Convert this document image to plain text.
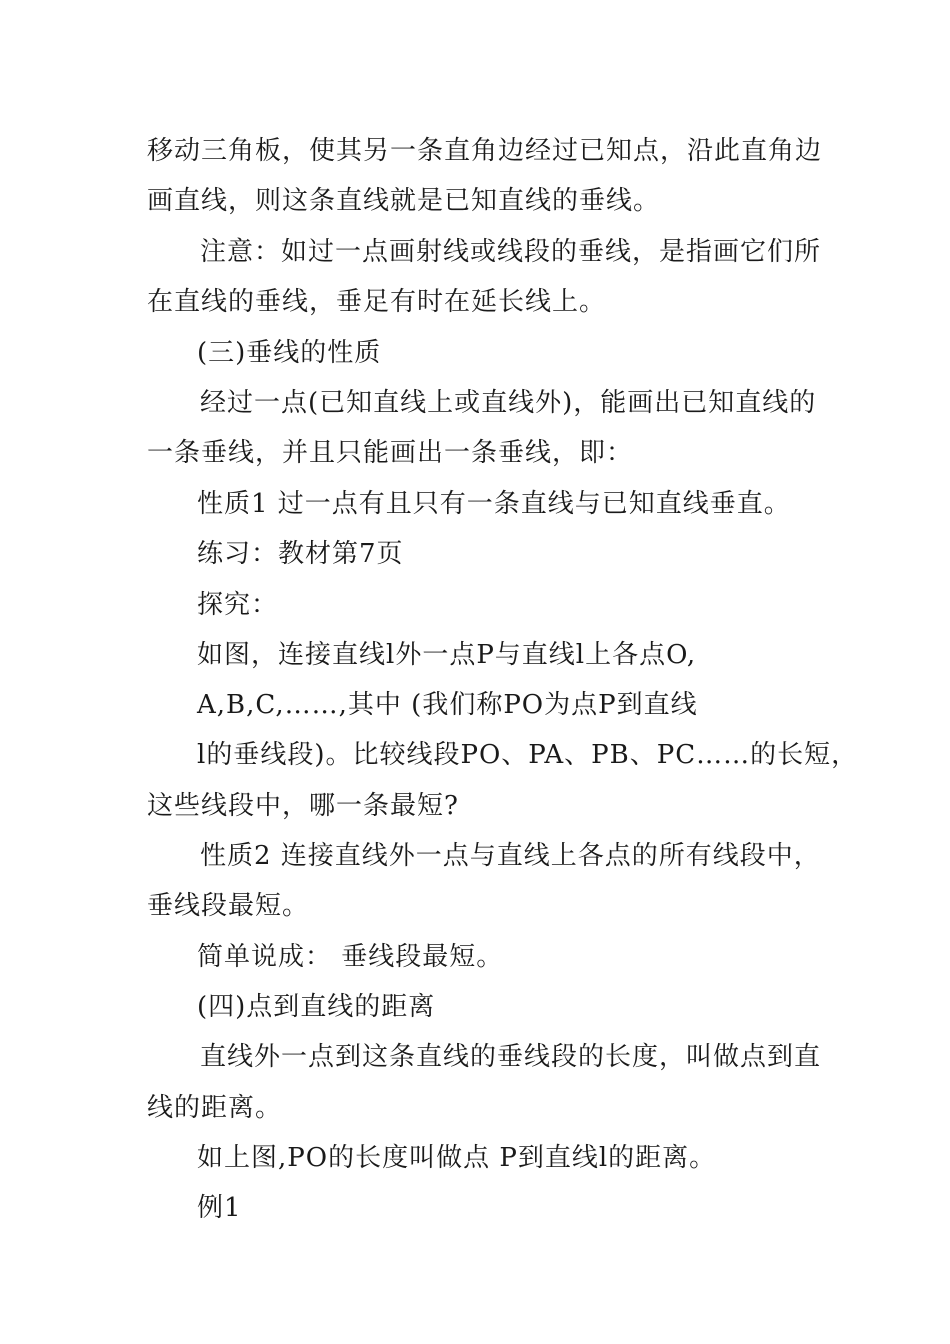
移动三角板，使其另一条直角边经过已知点，沿此直角边
画直线，则这条直线就是已知直线的垂线。
注意：如过一点画射线或线段的垂线，是指画它们所
在直线的垂线，垂足有时在延长线上。
(三)垂线的性质
经过一点(已知直线上或直线外)，能画出已知直线的
一条垂线，并且只能画出一条垂线，即：
性质1 过一点有且只有一条直线与已知直线垂直。
练习：教材第7页
探究：
如图，连接直线l外一点P与直线l上各点O,
A,B,C,……,其中 (我们称PO为点P到直线
l的垂线段)。比较线段PO、PA、PB、PC……的长短，
这些线段中，哪一条最短?
性质2 连接直线外一点与直线上各点的所有线段中，
垂线段最短。
简单说成： 垂线段最短。
(四)点到直线的距离
直线外一点到这条直线的垂线段的长度，叫做点到直
线的距离。
如上图,PO的长度叫做点 P到直线l的距离。
例1
